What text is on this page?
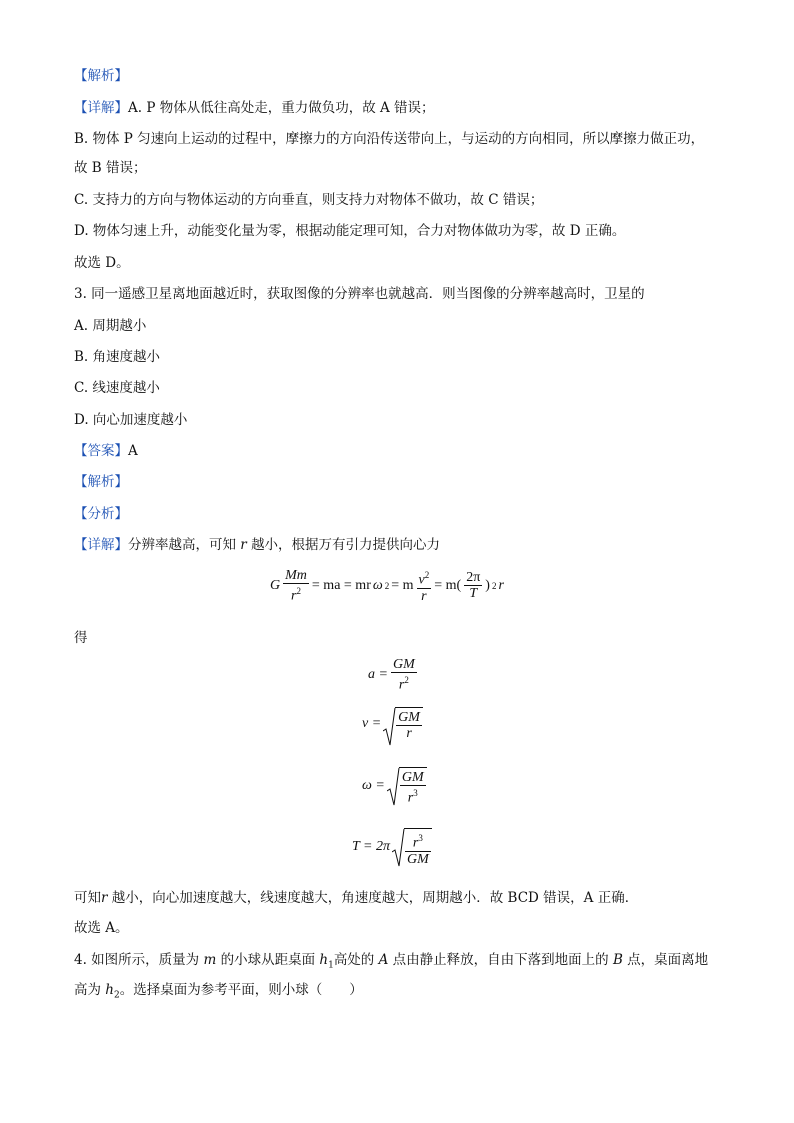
【解析】
【详解】A. P 物体从低往高处走，重力做负功，故 A 错误；
B. 物体 P 匀速向上运动的过程中，摩擦力的方向沿传送带向上，与运动的方向相同，所以摩擦力做正功，
故 B 错误；
C. 支持力的方向与物体运动的方向垂直，则支持力对物体不做功，故 C 错误；
D. 物体匀速上升，动能变化量为零，根据动能定理可知，合力对物体做功为零，故 D 正确。
故选 D。
3. 同一遥感卫星离地面越近时，获取图像的分辨率也就越高．则当图像的分辨率越高时，卫星的
A. 周期越小
B. 角速度越小
C. 线速度越小
D. 向心加速度越小
【答案】A
【解析】
【分析】
【详解】分辨率越高，可知 r 越小，根据万有引力提供向心力
G $\frac{Mm}{r^2}$ = ma = mr ω 2 = m $\frac{v^2}{r} = m( \frac{2\pi}{T}$ ) 2 r
得
$a = \frac{GM}{r^2}$
$v = \frac{GM}{r}$
$\omega = \frac{GM}{r^3}$
$T = 2\pi \frac{r^3}{GM}$
可知r 越小，向心加速度越大，线速度越大，角速度越大，周期越小．故 BCD 错误，A 正确．
故选 A。
4. 如图所示，质量为 m 的小球从距桌面 $h_1$高处的 A 点由静止释放，自由下落到地面上的 B 点，桌面离地
高为 $h_2$。选择桌面为参考平面，则小球（　　）
